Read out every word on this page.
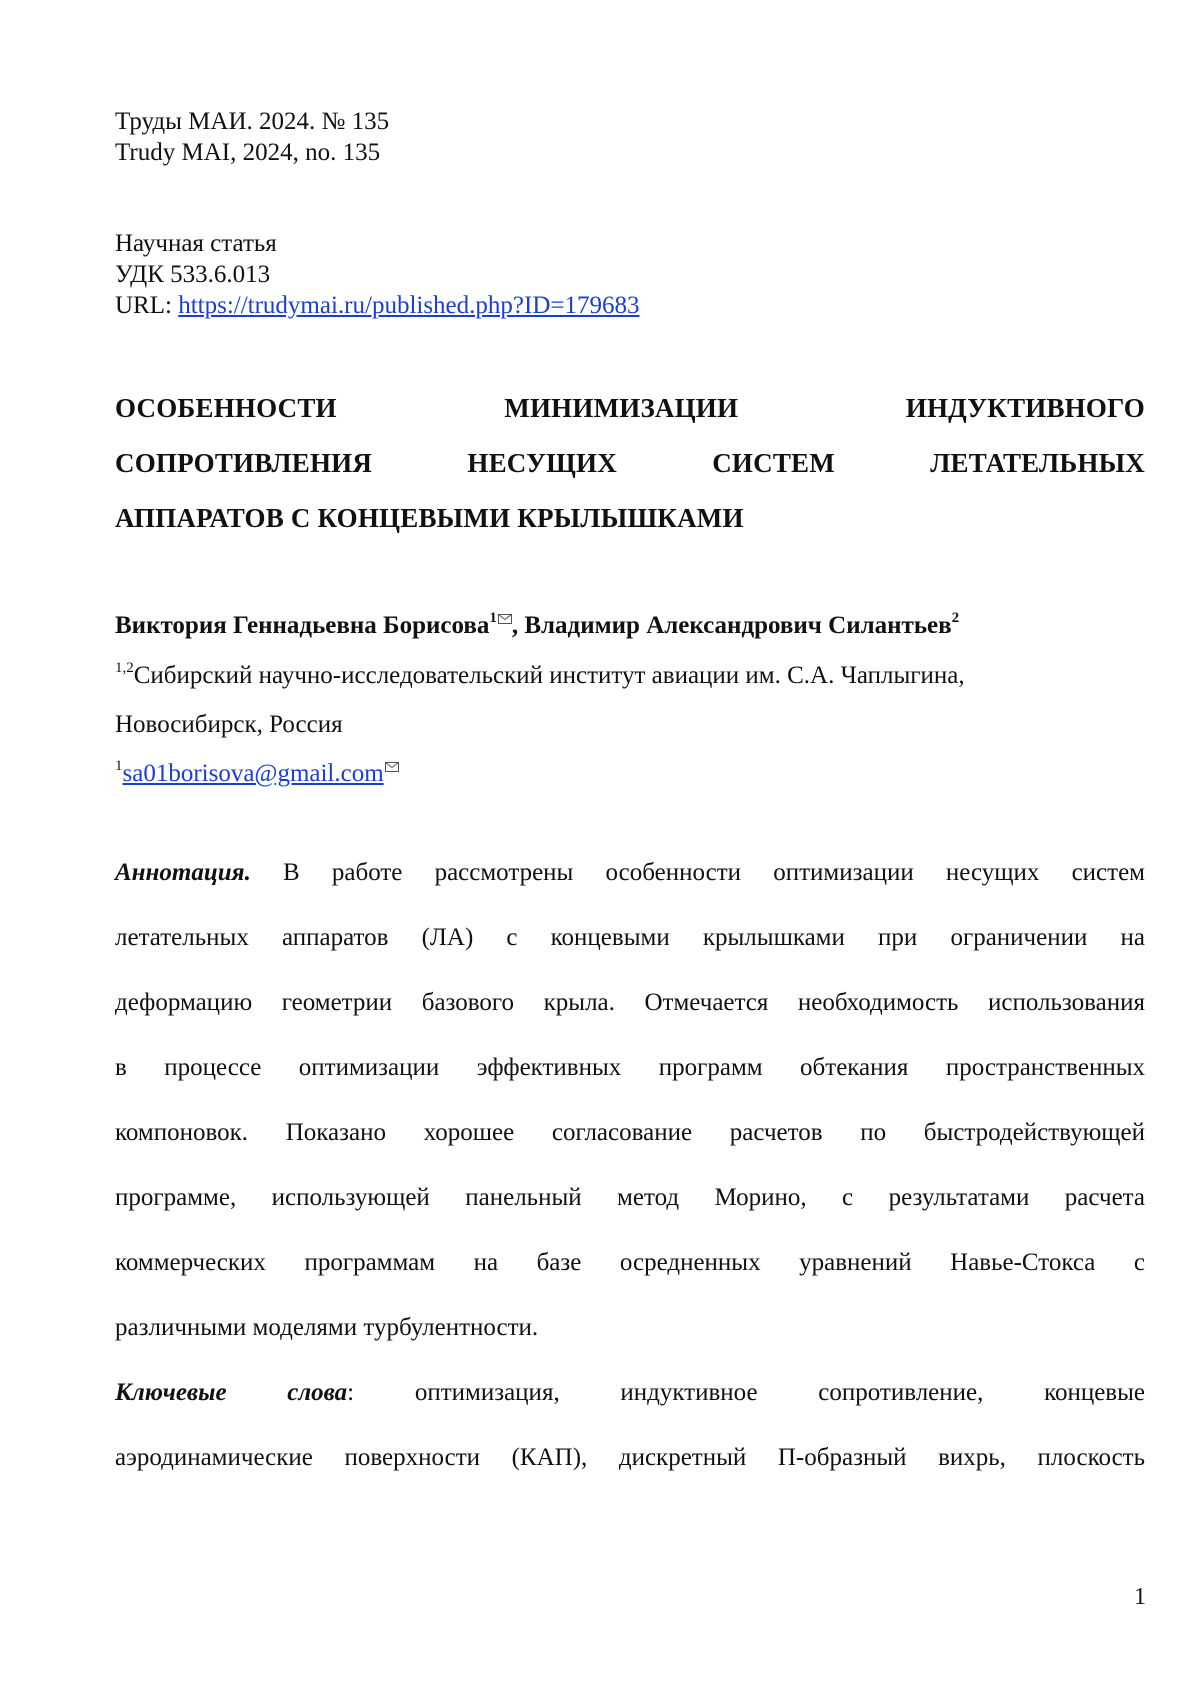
Труды МАИ. 2024. № 135
Trudy MAI, 2024, no. 135
Научная статья
УДК 533.6.013
URL: https://trudymai.ru/published.php?ID=179683
ОСОБЕННОСТИ	МИНИМИЗАЦИИ	ИНДУКТИВНОГО
СОПРОТИВЛЕНИЯ	НЕСУЩИХ	СИСТЕМ	ЛЕТАТЕЛЬНЫХ
АППАРАТОВ С КОНЦЕВЫМИ КРЫЛЫШКАМИ
Виктория Геннадьевна Борисова$^1$ , Владимир Александрович Силантьев$^2$
$^{1,2}$Сибирский научно-исследовательский институт авиации им. С.А. Чаплыгина,
Новосибирск, Россия
$^1$sa01borisova@gmail.com
Аннотация. В работе рассмотрены особенности оптимизации несущих систем
летательных аппаратов (ЛА) с концевыми крылышками при ограничении на
деформацию геометрии базового крыла. Отмечается необходимость использования
в процессе оптимизации эффективных программ обтекания пространственных
компоновок. Показано хорошее согласование расчетов по быстродействующей
программе, использующей панельный метод Морино, с результатами расчета
коммерческих программам на базе осредненных уравнений Навье-Стокса с
различными моделями турбулентности.
Ключевые слова: оптимизация, индуктивное сопротивление, концевые
аэродинамические поверхности (КАП), дискретный П-образный вихрь, плоскость
1
